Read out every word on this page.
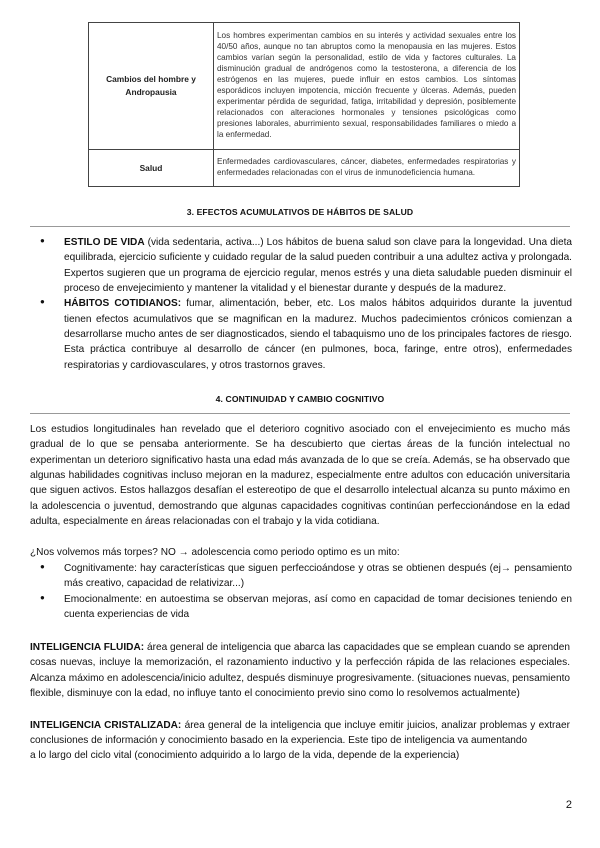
Cambios del hombre y Andropausia	Los hombres experimentan cambios en su interés y actividad sexuales entre los 40/50 años, aunque no tan abruptos como la menopausia en las mujeres. Estos cambios varían según la personalidad, estilo de vida y factores culturales. La disminución gradual de andrógenos como la testosterona, a diferencia de los estrógenos en las mujeres, puede influir en estos cambios. Los síntomas esporádicos incluyen impotencia, micción frecuente y úlceras. Además, pueden experimentar pérdida de seguridad, fatiga, irritabilidad y depresión, posiblemente relacionados con alteraciones hormonales y tensiones psicológicas como presiones laborales, aburrimiento sexual, responsabilidades familiares o miedo a la enfermedad.
Salud	Enfermedades cardiovasculares, cáncer, diabetes, enfermedades respiratorias y enfermedades relacionadas con el virus de inmunodeficiencia humana.
3. EFECTOS ACUMULATIVOS DE HÁBITOS DE SALUD
● ESTILO DE VIDA (vida sedentaria, activa...) Los hábitos de buena salud son clave para la longevidad. Una dieta equilibrada, ejercicio suficiente y cuidado regular de la salud pueden contribuir a una adultez activa y prolongada. Expertos sugieren que un programa de ejercicio regular, menos estrés y una dieta saludable pueden disminuir el proceso de envejecimiento y mantener la vitalidad y el bienestar durante y después de la madurez.
● HÁBITOS COTIDIANOS: fumar, alimentación, beber, etc. Los malos hábitos adquiridos durante la juventud tienen efectos acumulativos que se magnifican en la madurez. Muchos padecimientos crónicos comienzan a desarrollarse mucho antes de ser diagnosticados, siendo el tabaquismo uno de los principales factores de riesgo. Esta práctica contribuye al desarrollo de cáncer (en pulmones, boca, faringe, entre otros), enfermedades respiratorias y cardiovasculares, y otros trastornos graves.
4. CONTINUIDAD Y CAMBIO COGNITIVO

Los estudios longitudinales han revelado que el deterioro cognitivo asociado con el envejecimiento es mucho más gradual de lo que se pensaba anteriormente. Se ha descubierto que ciertas áreas de la función intelectual no experimentan un deterioro significativo hasta una edad más avanzada de lo que se creía. Además, se ha observado que algunas habilidades cognitivas incluso mejoran en la madurez, especialmente entre adultos con educación universitaria que siguen activos. Estos hallazgos desafían el estereotipo de que el desarrollo intelectual alcanza su punto máximo en la adolescencia o juventud, demostrando que algunas capacidades cognitivas continúan perfeccionándose en la edad adulta, especialmente en áreas relacionadas con el trabajo y la vida cotidiana.

¿Nos volvemos más torpes? NO → adolescencia como periodo optimo es un mito:

● Cognitivamente: hay características que siguen perfeccioándose y otras se obtienen después (ej→ pensamiento más creativo, capacidad de relativizar...)
● Emocionalmente: en autoestima se observan mejoras, así como en capacidad de tomar decisiones teniendo en cuenta experiencias de vida

INTELIGENCIA FLUIDA: área general de inteligencia que abarca las capacidades que se emplean cuando se aprenden cosas nuevas, incluye la memorización, el razonamiento inductivo y la perfección rápida de las relaciones especiales. Alcanza máximo en adolescencia/inicio adultez, después disminuye progresivamente. (situaciones nuevas, pensamiento flexible, disminuye con la edad, no influye tanto el conocimiento previo sino como lo resolvemos actualmente)

INTELIGENCIA CRISTALIZADA: área general de la inteligencia que incluye emitir juicios, analizar problemas y extraer conclusiones de información y conocimiento basado en la experiencia. Este tipo de inteligencia va aumentando

a lo largo del ciclo vital (conocimiento adquirido a lo largo de la vida, depende de la experiencia)

2
